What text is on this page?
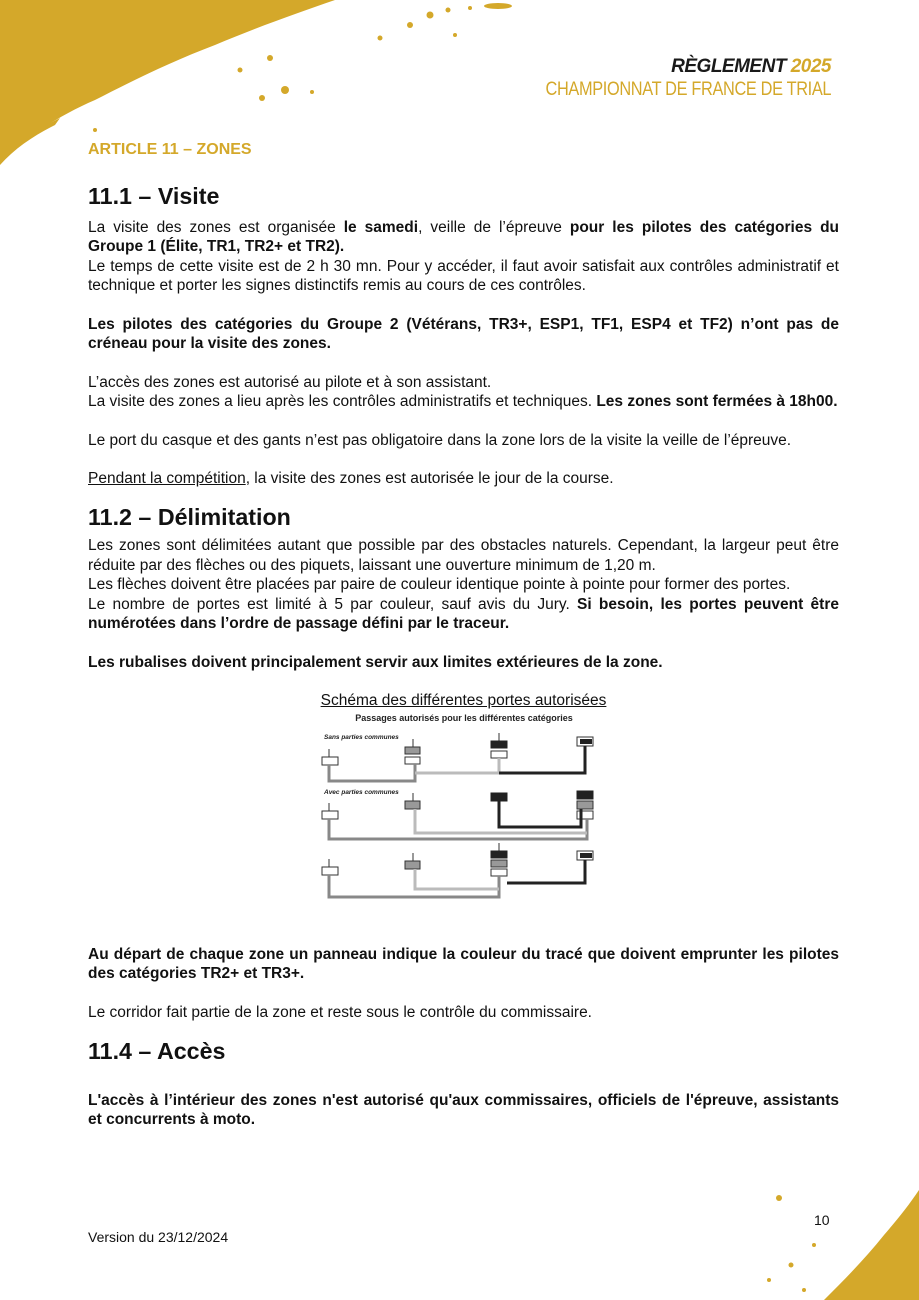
RÈGLEMENT 2025
CHAMPIONNAT DE FRANCE DE TRIAL
ARTICLE 11 – ZONES
11.1 – Visite

La visite des zones est organisée le samedi, veille de l’épreuve pour les pilotes des catégories du Groupe 1 (Élite, TR1, TR2+ et TR2).

Le temps de cette visite est de 2 h 30 mn. Pour y accéder, il faut avoir satisfait aux contrôles administratif et technique et porter les signes distinctifs remis au cours de ces contrôles.

Les pilotes des catégories du Groupe 2 (Vétérans, TR3+, ESP1, TF1, ESP4 et TF2) n’ont pas de créneau pour la visite des zones.

L’accès des zones est autorisé au pilote et à son assistant.

La visite des zones a lieu après les contrôles administratifs et techniques. Les zones sont fermées à 18h00.

Le port du casque et des gants n’est pas obligatoire dans la zone lors de la visite la veille de l’épreuve.

Pendant la compétition, la visite des zones est autorisée le jour de la course.

11.2 – Délimitation

Les zones sont délimitées autant que possible par des obstacles naturels. Cependant, la largeur peut être réduite par des flèches ou des piquets, laissant une ouverture minimum de 1,20 m.

Les flèches doivent être placées par paire de couleur identique pointe à pointe pour former des portes.

Le nombre de portes est limité à 5 par couleur, sauf avis du Jury. Si besoin, les portes peuvent être numérotées dans l’ordre de passage défini par le traceur.

Les rubalises doivent principalement servir aux limites extérieures de la zone.

Schéma des différentes portes autorisées

Passages autorisés pour les différentes catégories
Sans parties communes
Avec parties communes

Au départ de chaque zone un panneau indique la couleur du tracé que doivent emprunter les pilotes des catégories TR2+ et TR3+.

Le corridor fait partie de la zone et reste sous le contrôle du commissaire.

11.4 – Accès

L'accès à l’intérieur des zones n'est autorisé qu'aux commissaires, officiels de l'épreuve, assistants et concurrents à moto.

Version du 23/12/2024
10
